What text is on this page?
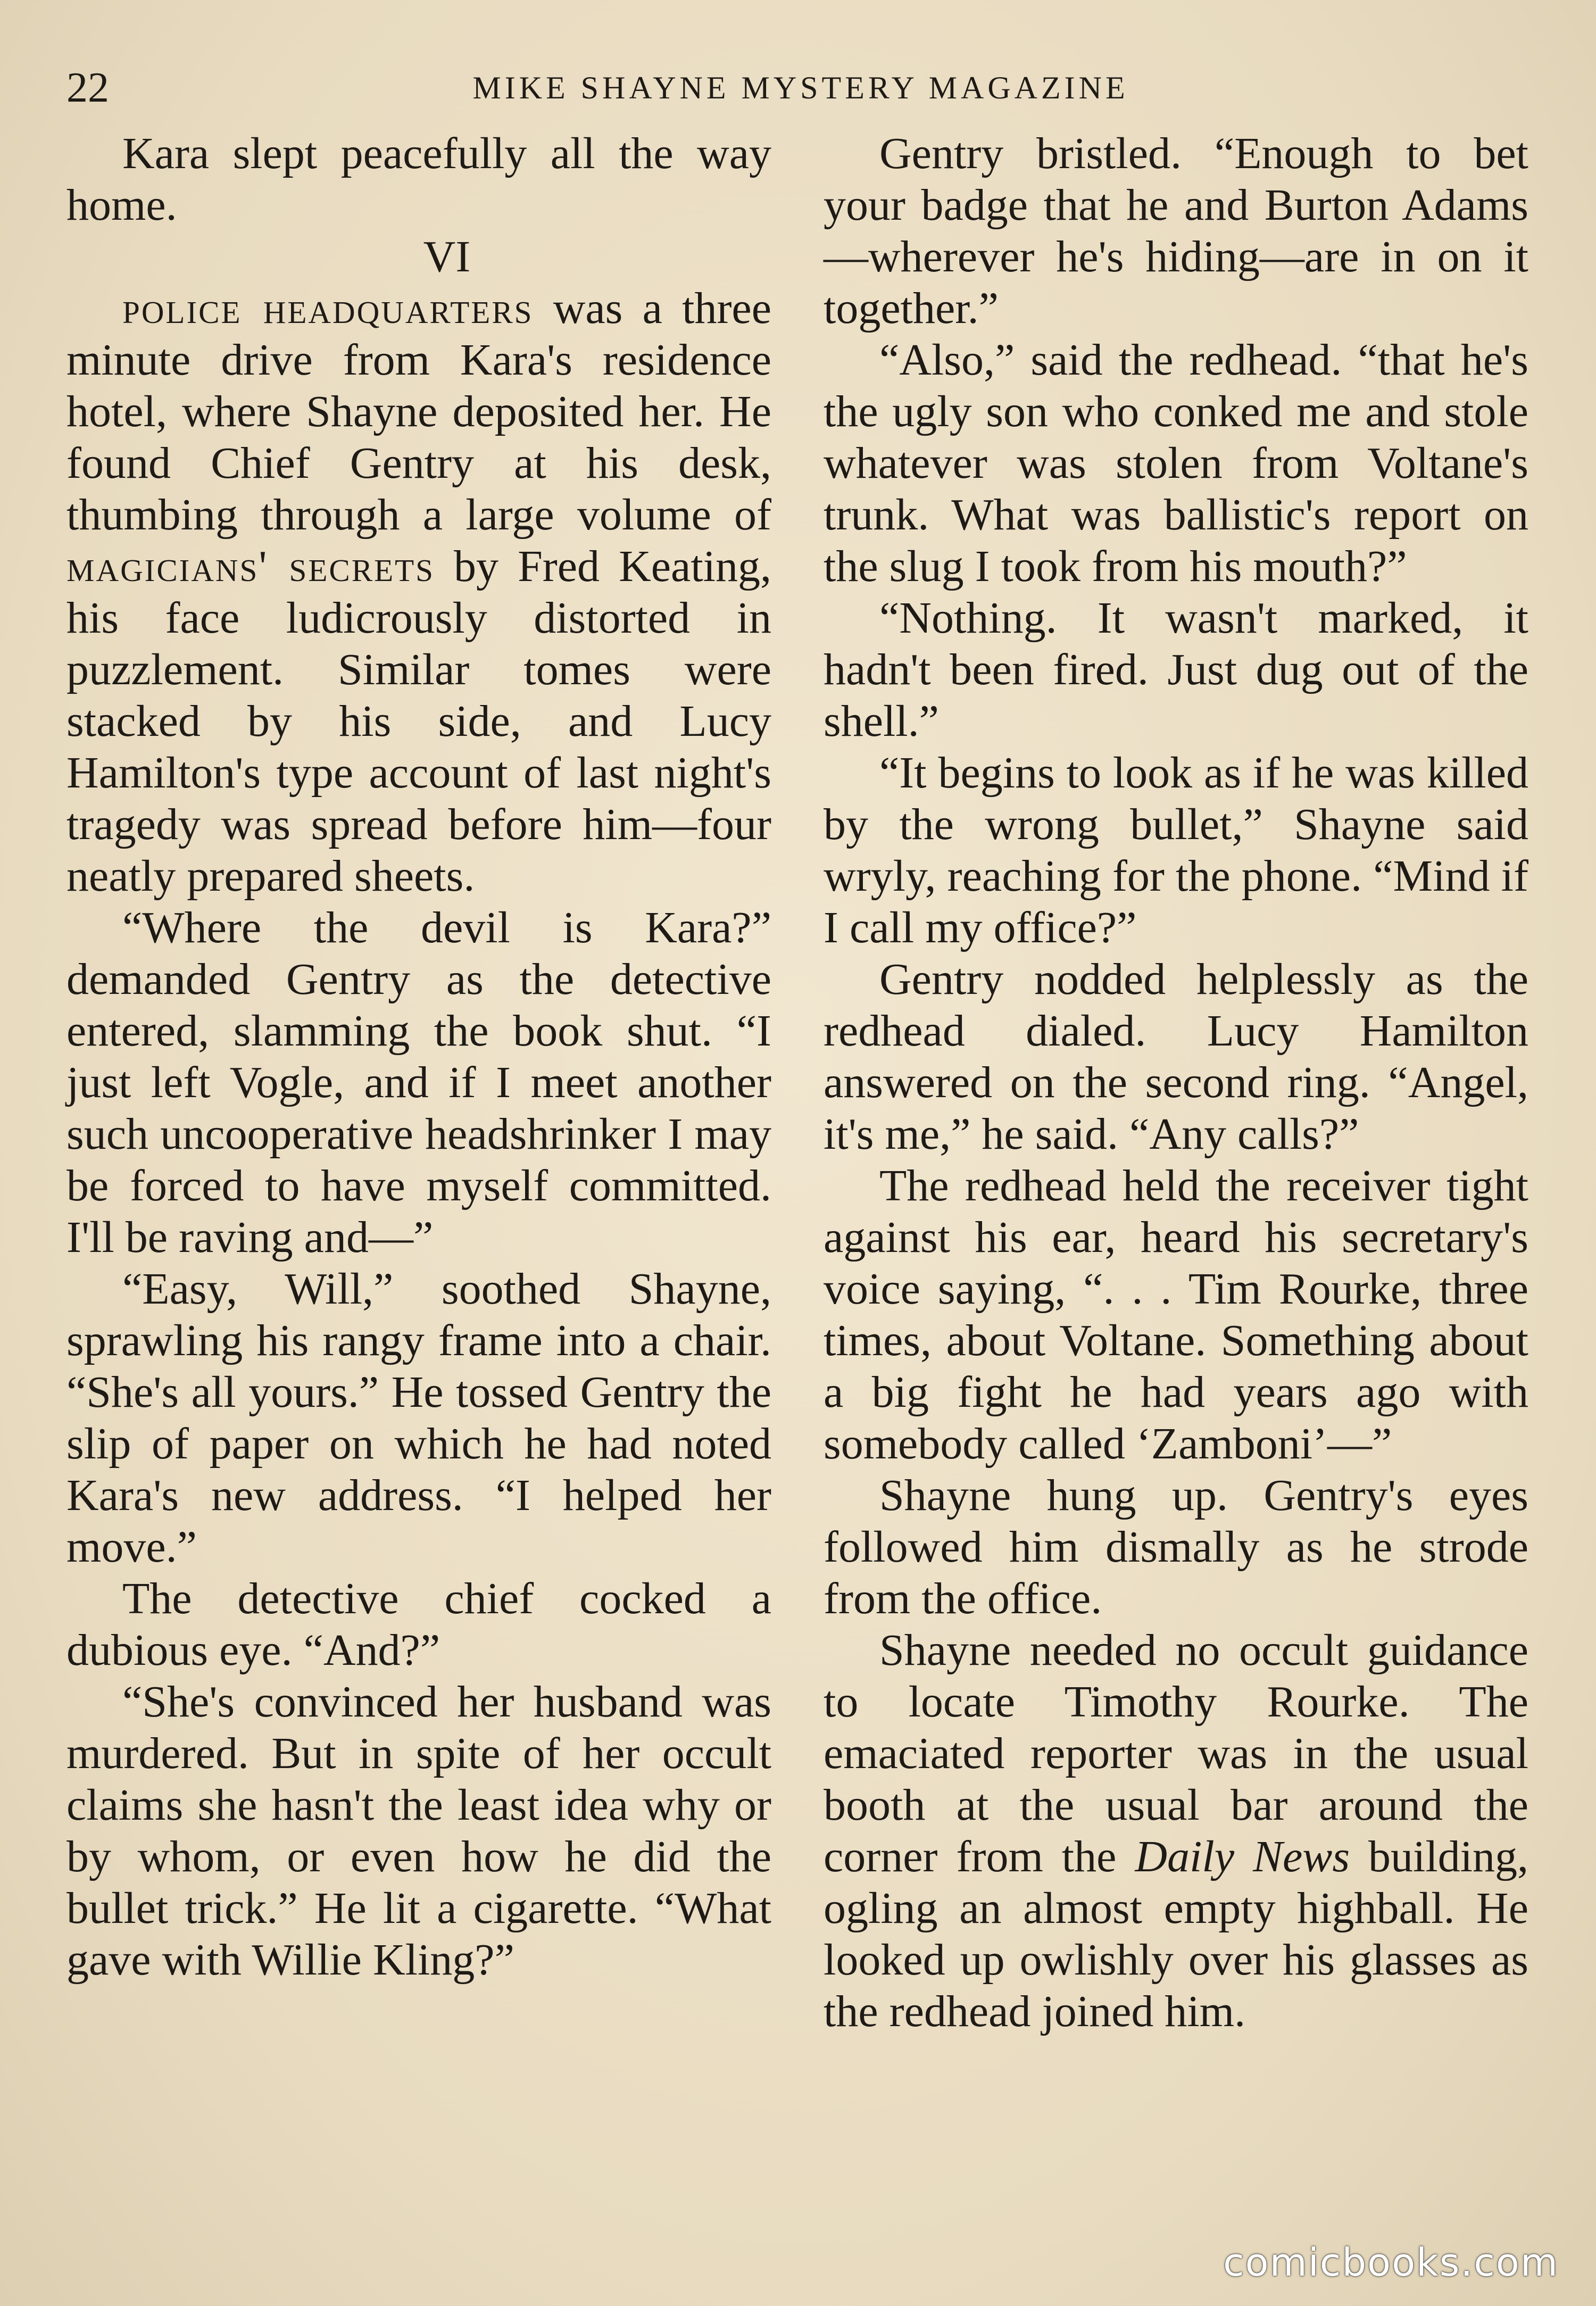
22	MIKE SHAYNE MYSTERY MAGAZINE

Kara slept peacefully all the way home.

VI

police headquarters was a three minute drive from Kara's residence hotel, where Shayne deposited her. He found Chief Gentry at his desk, thumbing through a large volume of magicians' secrets by Fred Keating, his face ludicrously distorted in puzzlement. Similar tomes were stacked by his side, and Lucy Hamilton's type account of last night's tragedy was spread before him—four neatly prepared sheets.

“Where the devil is Kara?” demanded Gentry as the detective entered, slamming the book shut. “I just left Vogle, and if I meet another such uncooperative headshrinker I may be forced to have myself committed. I'll be raving and—”

“Easy, Will,” soothed Shayne, sprawling his rangy frame into a chair. “She's all yours.” He tossed Gentry the slip of paper on which he had noted Kara's new address. “I helped her move.”

The detective chief cocked a dubious eye. “And?”

“She's convinced her husband was murdered. But in spite of her occult claims she hasn't the least idea why or by whom, or even how he did the bullet trick.” He lit a cigarette. “What gave with Willie Kling?”

Gentry bristled. “Enough to bet your badge that he and Burton Adams—wherever he's hiding—are in on it together.”

“Also,” said the redhead. “that he's the ugly son who conked me and stole whatever was stolen from Voltane's trunk. What was ballistic's report on the slug I took from his mouth?”

“Nothing. It wasn't marked, it hadn't been fired. Just dug out of the shell.”

“It begins to look as if he was killed by the wrong bullet,” Shayne said wryly, reaching for the phone. “Mind if I call my office?”

Gentry nodded helplessly as the redhead dialed. Lucy Hamilton answered on the second ring. “Angel, it's me,” he said. “Any calls?”

The redhead held the receiver tight against his ear, heard his secretary's voice saying, “. . . Tim Rourke, three times, about Voltane. Something about a big fight he had years ago with somebody called ‘Zamboni’—”

Shayne hung up. Gentry's eyes followed him dismally as he strode from the office.

Shayne needed no occult guidance to locate Timothy Rourke. The emaciated reporter was in the usual booth at the usual bar around the corner from the Daily News building, ogling an almost empty highball. He looked up owlishly over his glasses as the redhead joined him.

comicbooks.com
